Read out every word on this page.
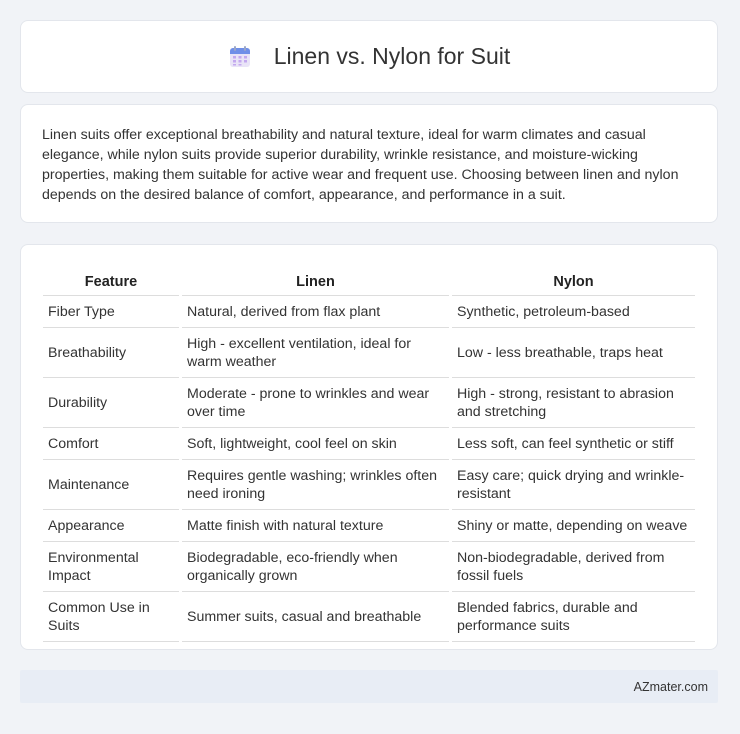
Linen vs. Nylon for Suit

Linen suits offer exceptional breathability and natural texture, ideal for warm climates and casual elegance, while nylon suits provide superior durability, wrinkle resistance, and moisture-wicking properties, making them suitable for active wear and frequent use. Choosing between linen and nylon depends on the desired balance of comfort, appearance, and performance in a suit.

Feature	Linen	Nylon
Fiber Type	Natural, derived from flax plant	Synthetic, petroleum-based
Breathability	High - excellent ventilation, ideal for warm weather	Low - less breathable, traps heat
Durability	Moderate - prone to wrinkles and wear over time	High - strong, resistant to abrasion and stretching
Comfort	Soft, lightweight, cool feel on skin	Less soft, can feel synthetic or stiff
Maintenance	Requires gentle washing; wrinkles often need ironing	Easy care; quick drying and wrinkle-resistant
Appearance	Matte finish with natural texture	Shiny or matte, depending on weave
Environmental Impact	Biodegradable, eco-friendly when organically grown	Non-biodegradable, derived from fossil fuels
Common Use in Suits	Summer suits, casual and breathable	Blended fabrics, durable and performance suits
AZmater.com
